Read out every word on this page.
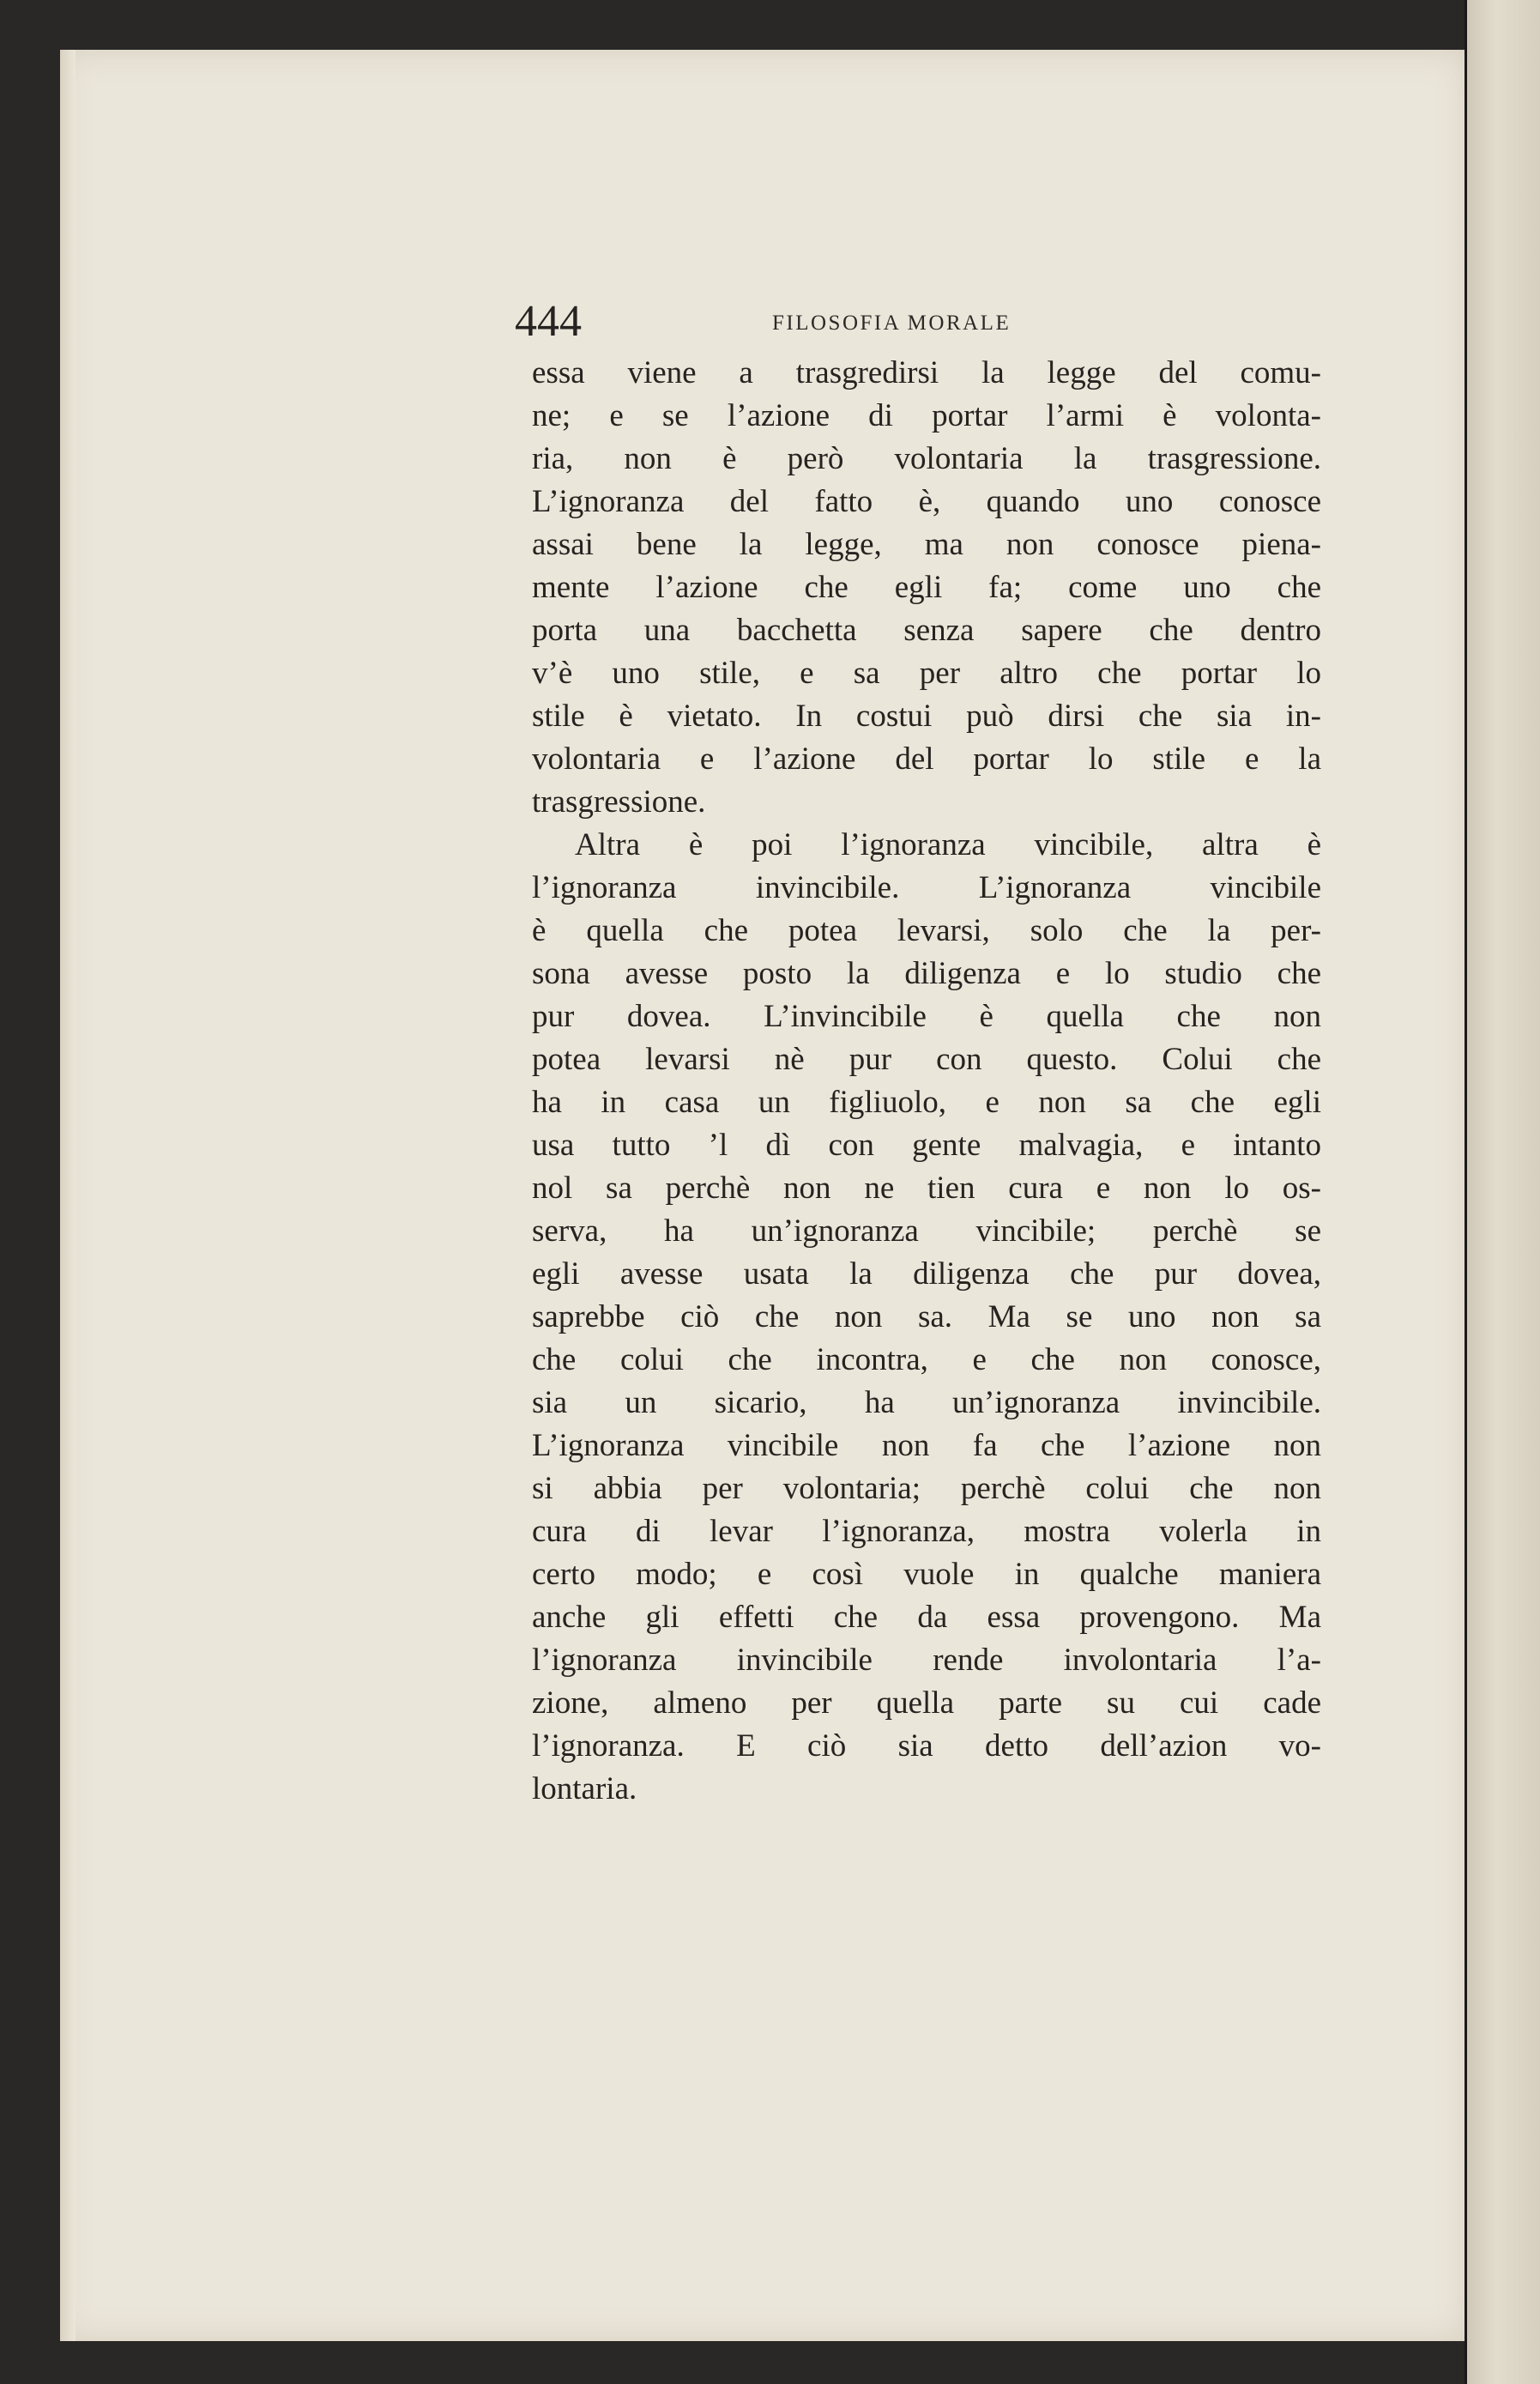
444	FILOSOFIA MORALE
essa viene a trasgredirsi la legge del comu-
ne; e se l’azione di portar l’armi è volonta-
ria, non è però volontaria la trasgressione.
L’ignoranza del fatto è, quando uno conosce
assai bene la legge, ma non conosce piena-
mente l’azione che egli fa; come uno che
porta una bacchetta senza sapere che dentro
v’è uno stile, e sa per altro che portar lo
stile è vietato. In costui può dirsi che sia in-
volontaria e l’azione del portar lo stile e la
trasgressione.
Altra è poi l’ignoranza vincibile, altra è
l’ignoranza invincibile. L’ignoranza vincibile
è quella che potea levarsi, solo che la per-
sona avesse posto la diligenza e lo studio che
pur dovea. L’invincibile è quella che non
potea levarsi nè pur con questo. Colui che
ha in casa un figliuolo, e non sa che egli
usa tutto ’l dì con gente malvagia, e intanto
nol sa perchè non ne tien cura e non lo os-
serva, ha un’ignoranza vincibile; perchè se
egli avesse usata la diligenza che pur dovea,
saprebbe ciò che non sa. Ma se uno non sa
che colui che incontra, e che non conosce,
sia un sicario, ha un’ignoranza invincibile.
L’ignoranza vincibile non fa che l’azione non
si abbia per volontaria; perchè colui che non
cura di levar l’ignoranza, mostra volerla in
certo modo; e così vuole in qualche maniera
anche gli effetti che da essa provengono. Ma
l’ignoranza invincibile rende involontaria l’a-
zione, almeno per quella parte su cui cade
l’ignoranza. E ciò sia detto dell’azion vo-
lontaria.
